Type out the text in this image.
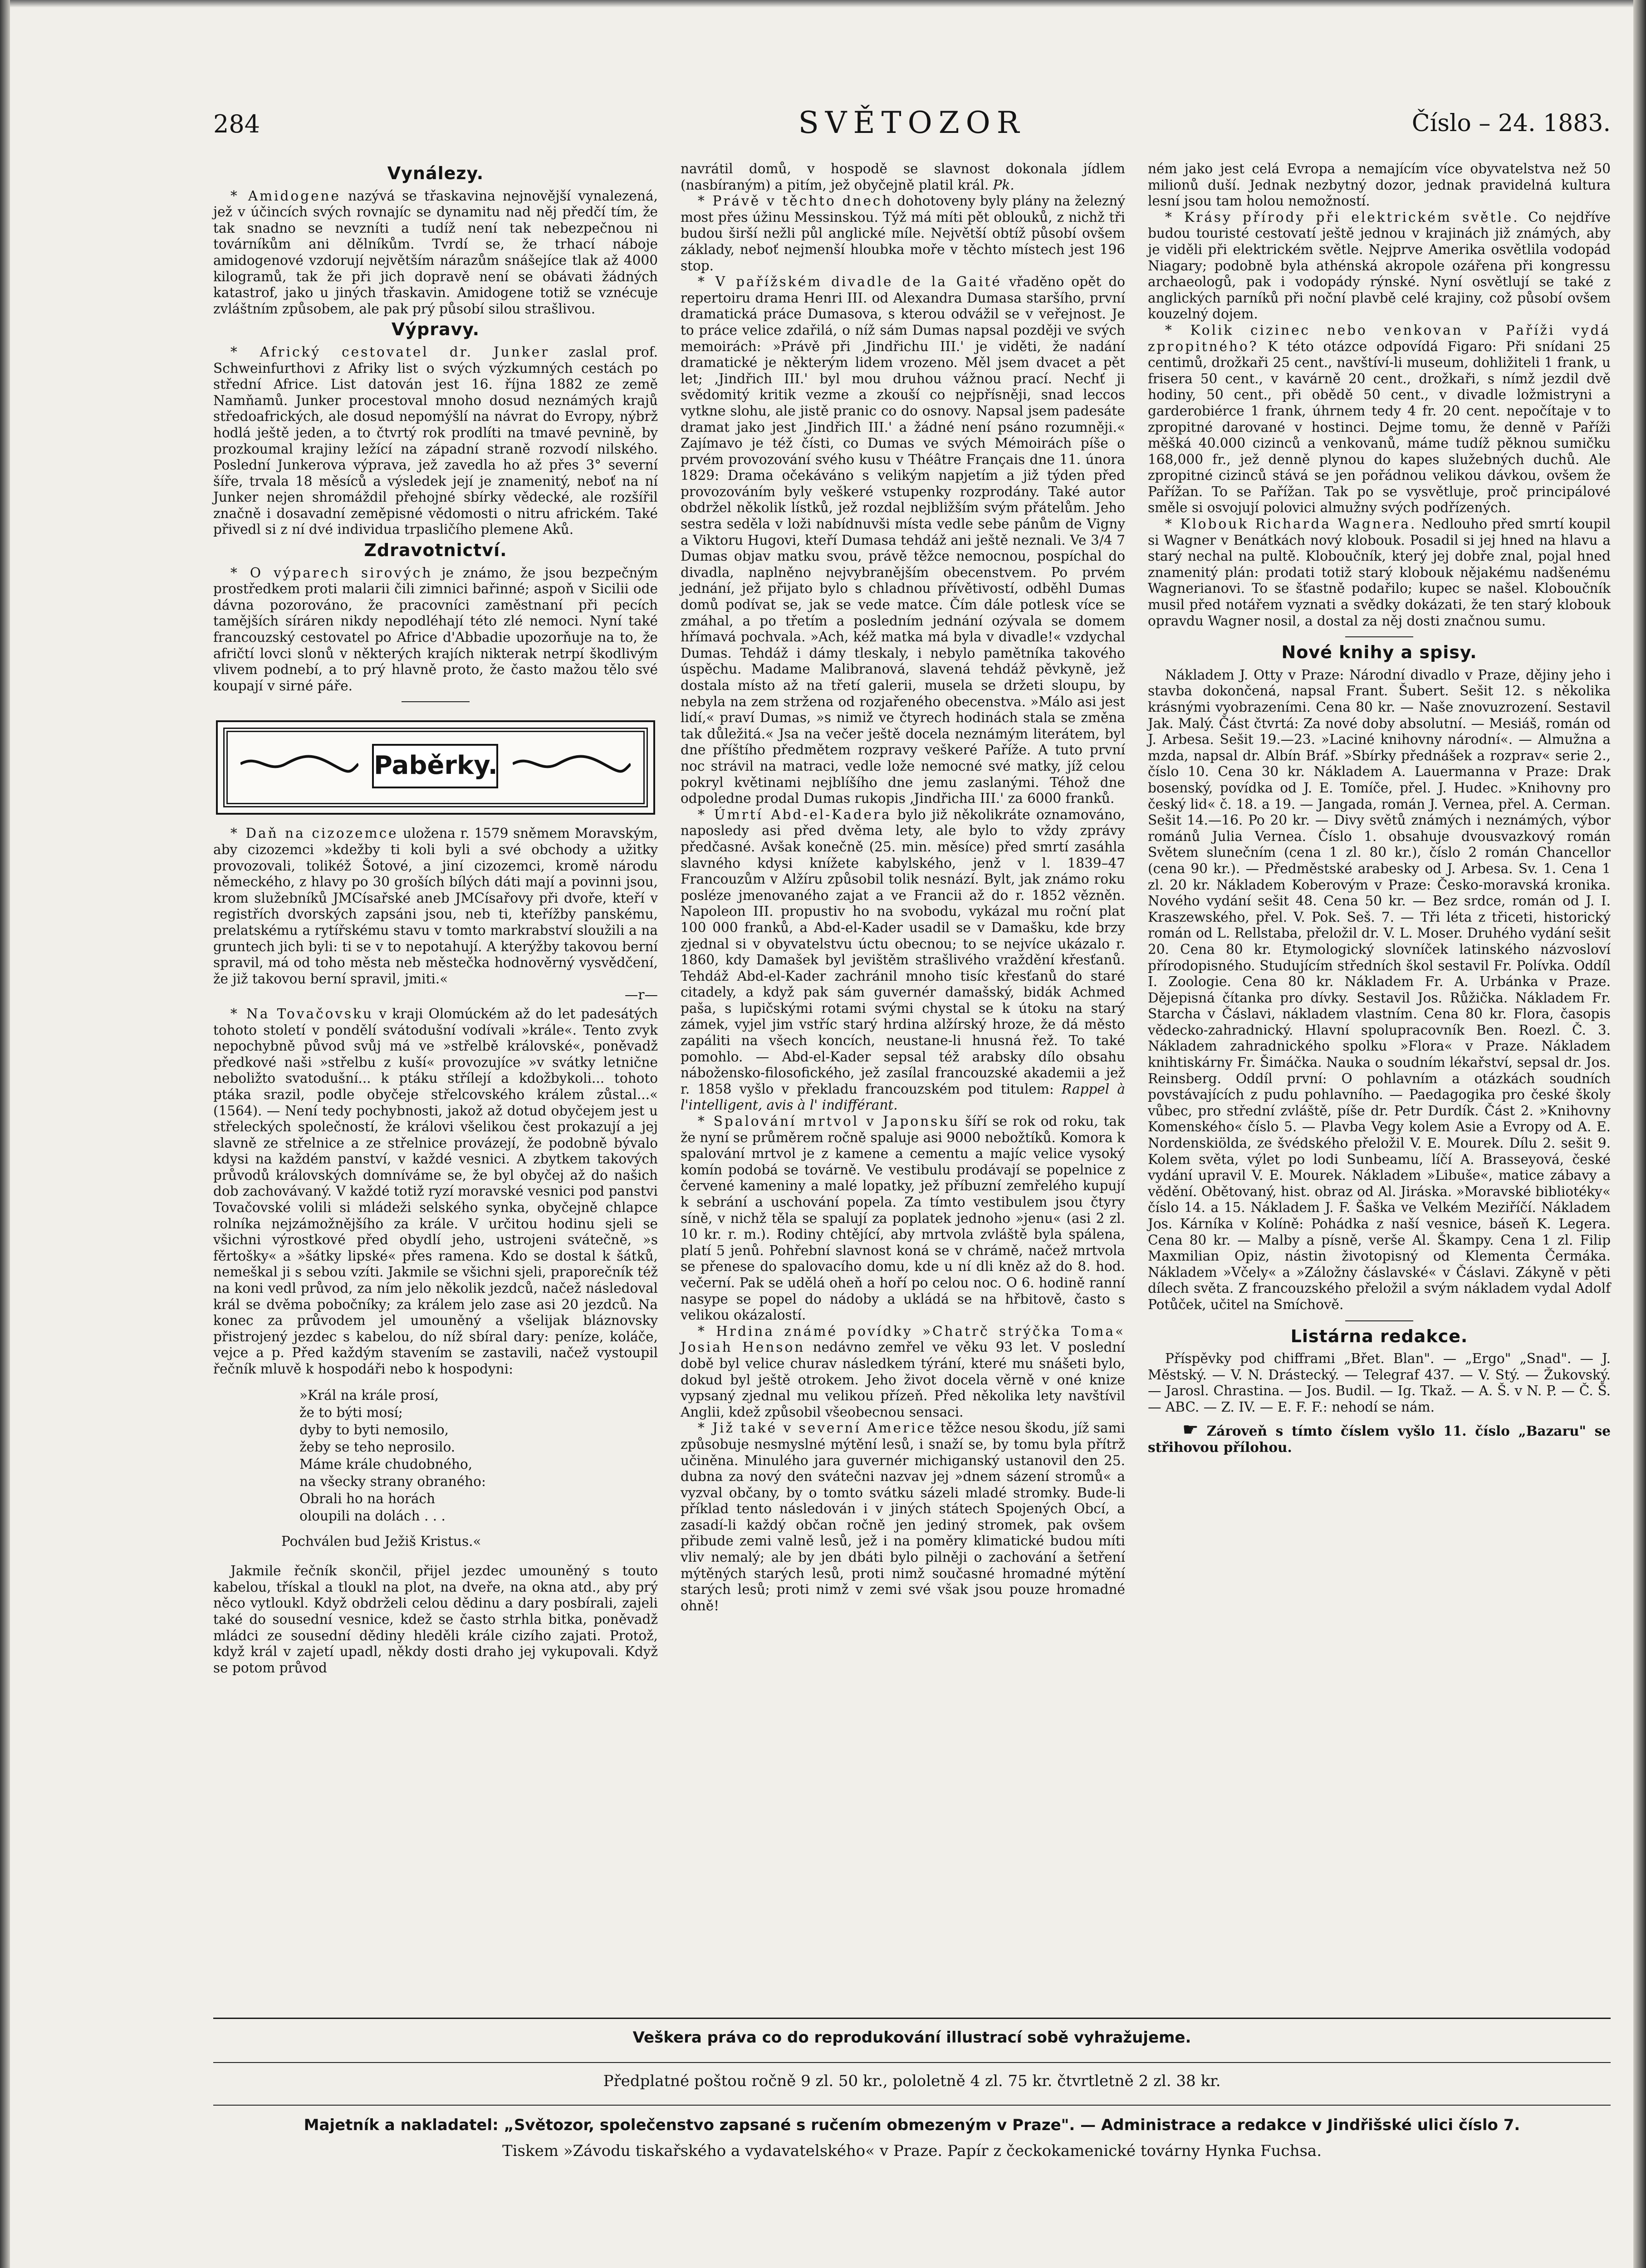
284	SVĚTOZOR	Číslo – 24. 1883.
Vynálezy.

* Amidogene nazývá se třaskavina nejnovější vynalezená, jež v účincích svých rovnajíc se dynamitu nad něj předčí tím, že tak snadno se nevzníti a tudíž není tak nebezpečnou ni továrníkům ani dělníkům. Tvrdí se, že trhací náboje amidogenové vzdorují největším nárazům snášejíce tlak až 4000 kilogramů, tak že při jich dopravě není se obávati žádných katastrof, jako u jiných třaskavin. Amidogene totiž se vznécuje zvláštním způsobem, ale pak prý působí silou strašlivou.

Výpravy.

* Africký cestovatel dr. Junker zaslal prof. Schweinfurthovi z Afriky list o svých výzkumných cestách po střední Africe. List datován jest 16. října 1882 ze země Namňamů. Junker procestoval mnoho dosud neznámých krajů středoafrických, ale dosud nepomýšlí na návrat do Evropy, nýbrž hodlá ještě jeden, a to čtvrtý rok prodlíti na tmavé pevnině, by prozkoumal krajiny ležící na západní straně rozvodí nilského. Poslední Junkerova výprava, jež zavedla ho až přes 3° severní šíře, trvala 18 měsíců a výsledek její je znamenitý, neboť na ní Junker nejen shromáždil přehojné sbírky vědecké, ale rozšířil značně i dosavadní zeměpisné vědomosti o nitru africkém. Také přivedl si z ní dvé individua trpasličího plemene Aků.

Zdravotnictví.

* O výparech sirových je známo, že jsou bezpečným prostředkem proti malarii čili zimnici bařinné; aspoň v Sicilii ode dávna pozorováno, že pracovníci zaměstnaní při pecích tamějších síráren nikdy nepodléhají této zlé nemoci. Nyní také francouzský cestovatel po Africe d'Abbadie upozorňuje na to, že afričtí lovci slonů v některých krajích nikterak netrpí škodlivým vlivem podnebí, a to prý hlavně proto, že často mažou tělo své koupají v sirné páře.

Paběrky.

* Daň na cizozemce uložena r. 1579 sněmem Moravským, aby cizozemci »kdežby ti koli byli a své obchody a užitky provozovali, tolikéž Šotové, a jiní cizozemci, kromě národu německého, z hlavy po 30 groších bílých dáti mají a povinni jsou, krom služebníků JMCísařské aneb JMCísařovy při dvoře, kteří v registřích dvorských zapsáni jsou, neb ti, kteřížby panskému, prelatskému a rytířskému stavu v tomto markrabství sloužili a na gruntech jich byli: ti se v to nepotahují. A kterýžby takovou berní spravil, má od toho města neb městečka hodnověrný vysvědčení, že již takovou berní spravil, jmiti.«

—r—

* Na Tovačovsku v kraji Olomúckém až do let padesátých tohoto století v pondělí svátodušní vodívali »krále«. Tento zvyk nepochybně původ svůj má ve »střelbě královské«, poněvadž předkové naši »střelbu z kuší« provozujíce »v svátky letnične neboližto svatodušní... k ptáku střílejí a kdožbykoli... tohoto ptáka srazil, podle obyčeje střelcovského králem zůstal...« (1564). — Není tedy pochybnosti, jakož až dotud obyčejem jest u střeleckých společností, že královi všelikou čest prokazují a jej slavně ze střelnice a ze střelnice provázejí, že podobně bývalo kdysi na každém panství, v každé vesnici. A zbytkem takových průvodů královských domníváme se, že byl obyčej až do našich dob zachovávaný. V každé totiž ryzí moravské vesnici pod panstvi Tovačovské volili si mládeži selského synka, obyčejně chlapce rolníka nejzámožnějšího za krále. V určitou hodinu sjeli se všichni výrostkové před obydlí jeho, ustrojeni svátečně, »s fěrtošky« a »šátky lipské« přes ramena. Kdo se dostal k šátků, nemeškal ji s sebou vzíti. Jakmile se všichni sjeli, praporečník též na koni vedl průvod, za ním jelo několik jezdců, načež následoval král se dvěma pobočníky; za králem jelo zase asi 20 jezdců. Na konec za průvodem jel umouněný a všelijak bláznovsky přistrojený jezdec s kabelou, do níž sbíral dary: peníze, koláče, vejce a p. Před každým stavením se zastavili, načež vystoupil řečník mluvě k hospodáři nebo k hospodyni:

»Král na krále prosí,
že to býti mosí;
dyby to byti nemosilo,
žeby se teho neprosilo.
Máme krále chudobného,
na všecky strany obraného:
Obrali ho na horách
oloupili na dolách . . .
Pochválen bud Ježiš Kristus.«

Jakmile řečník skončil, přijel jezdec umouněný s touto kabelou, třískal a tloukl na plot, na dveře, na okna atd., aby prý něco vytloukl. Když obdrželi celou dědinu a dary posbírali, zajeli také do sousední vesnice, kdež se často strhla bitka, poněvadž mládci ze sousední dědiny hleděli krále cizího zajati. Protož, když král v zajetí upadl, někdy dosti draho jej vykupovali. Když se potom průvod

navrátil domů, v hospodě se slavnost dokonala jídlem (nasbíraným) a pitím, jež obyčejně platil král. Pk.

* Právě v těchto dnech dohotoveny byly plány na železný most přes úžinu Messinskou. Týž má míti pět oblouků, z nichž tři budou širší nežli půl anglické míle. Největší obtíž působí ovšem základy, neboť nejmenší hloubka moře v těchto místech jest 196 stop.

* V pařížském divadle de la Gaité vřaděno opět do repertoiru drama Henri III. od Alexandra Dumasa staršího, první dramatická práce Dumasova, s kterou odvážil se v veřejnost. Je to práce velice zdařilá, o níž sám Dumas napsal později ve svých memoirách: »Právě při ,Jindřichu III.' je viděti, že nadání dramatické je některým lidem vrozeno. Měl jsem dvacet a pět let; ,Jindřich III.' byl mou druhou vážnou prací. Nechť ji svědomitý kritik vezme a zkouší co nejpřísněji, snad leccos vytkne slohu, ale jistě pranic co do osnovy. Napsal jsem padesáte dramat jako jest ,Jindřich III.' a žádné není psáno rozumněji.« Zajímavo je též čísti, co Dumas ve svých Mémoirách píše o prvém provozování svého kusu v Théâtre Français dne 11. února 1829: Drama očekáváno s velikým napjetím a již týden před provozováním byly veškeré vstupenky rozprodány. Také autor obdržel několik lístků, jež rozdal nejbližším svým přátelům. Jeho sestra sedělа v loži nabídnuvši místa vedle sebe pánům de Vigny a Viktoru Hugovi, kteří Dumasa tehdáž ani ještě neznali. Ve 3/4 7 Dumas objav matku svou, právě těžce nemocnou, pospíchal do divadla, naplněno nejvybranějším obecenstvem. Po prvém jednání, jež přijato bylo s chladnou přívětivostí, odběhl Dumas domů podívat se, jak se vede matce. Čím dále potlesk více se zmáhal, a po třetím a posledním jednání ozývala se domem hřímavá pochvala. »Ach, kéž matka má byla v divadle!« vzdychal Dumas. Tehdáž i dámy tleskaly, i nebylo pamětníka takového úspěchu. Madame Malibranová, slavená tehdáž pěvkyně, jež dostala místo až na třetí galerii, musela se držeti sloupu, by nebyla na zem stržena od rozjařeného obecenstva. »Málo asi jest lidí,« praví Dumas, »s nimiž ve čtyrech hodinách stala se změna tak důležitá.« Jsa na večer ještě docela neznámým literátem, byl dne příštího předmětem rozpravy veškeré Paříže. A tuto první noc strávil na matraci, vedle lože nemocné své matky, jíž celou pokryl květinami nejblíšího dne jemu zaslanými. Téhož dne odpoledne prodal Dumas rukopis ,Jindřicha III.' za 6000 franků.

* Úmrtí Abd-el-Kadera bylo již několikráte oznamováno, naposledy asi před dvěma lety, ale bylo to vždy zprávy předčasné. Avšak konečně (25. min. měsíce) před smrtí zasáhla slavného kdysi knížete kabylského, jenž v l. 1839–47 Francouzům v Alžíru způsobil tolik nesnází. Bylt, jak známo roku posléze jmenovaného zajat a ve Francii až do r. 1852 vězněn. Napoleon III. propustiv ho na svobodu, vykázal mu ročnί plat 100 000 franků, a Abd-el-Kader usadil se v Damašku, kde brzy zjednal si v obyvatelstvu úctu obecnou; to se nejvíce ukázalo r. 1860, kdy Damašek byl jevištěm strašlivého vraždění křesťanů. Tehdáž Abd-el-Kader zachránil mnoho tisíc křesťanů do staré citadely, a když pak sám guvernér damašský, bidák Achmed paša, s lupičskými rotami svými chystal se k útoku na starý zámek, vyjel jim vstříc starý hrdina alžírský hroze, že dá město zapáliti na všech koncích, neustane-li hnusná řež. To také pomohlo. — Abd-el-Kader sepsal též arabsky dílo obsahu nábožensko-filosofického, jež zasílal francouzské akademii a jež r. 1858 vyšlo v překladu francouzském pod titulem: Rappel à l'intelligent, avis à l' indifférant.

* Spalování mrtvol v Japonsku šíří se rok od roku, tak že nyní se průměrem ročně spaluje asi 9000 nebožtíků. Komora k spalování mrtvol je z kamene a cementu a majíc velice vysoký komín podobá se továrně. Ve vestibulu prodávají se popelnice z červené kameniny a malé lopatky, jež příbuzní zemřelého kupují k sebrání a uschování popela. Za tímto vestibulem jsou čtyry síně, v nichž těla se spalují za poplatek jednoho »jenu« (asi 2 zl. 10 kr. r. m.). Rodiny chtějící, aby mrtvola zvláště byla spálena, platí 5 jenů. Pohřební slavnost koná se v chrámě, načež mrtvola se přenese do spalovacího domu, kde u ní dli kněz až do 8. hod. večerní. Pak se udělá oheň a hoří po celou noc. O 6. hodině ranní nasype se popel do nádoby a ukládá se na hřbitově, často s velikou okázalostí.

* Hrdina známé povídky »Chatrč strýčka Toma« Josiah Henson nedávno zemřel ve věku 93 let. V poslední době byl velice churav následkem týrání, které mu snášeti bylo, dokud byl ještě otrokem. Jeho život docela věrně v oné knize vypsaný zjednal mu velikou přízeň. Před několika lety navštívil Anglii, kdež způsobil všeobecnou sensaci.

* Již také v severní Americe těžce nesou škodu, jíž sami způsobuje nesmyslné mýtění lesů, i snaží se, by tomu byla přítrž učiněna. Minulého jara guvernér michiganský ustanovil den 25. dubna za nový den svátečni nazvav jej »dnem sázení stromů« a vyzval občany, by o tomto svátku sázeli mladé stromky. Bude-li příklad tento následován i v jiných státech Spojených Obcí, a zasadí-li každý občan ročně jen jediný stromek, pak ovšem přibude zemi valně lesů, jež i na poměry klimatické budou míti vliv nemalý; ale by jen dbáti bylo pilněji o zachování a šetření mýtěných starých lesů, proti nimž současné hromadné mýtění starých lesů; proti nimž v zemi své však jsou pouze hromadné ohně!

ném jako jest celá Evropa a nemajícím více obyvatelstva než 50 milionů duší. Jednak nezbytný dozor, jednak pravidelná kultura lesní jsou tam holou nemožností.

* Krásy přírody při elektrickém světle. Co nejdříve budou touristé cestovatí ještě jednou v krajinách již známých, aby je viděli při elektrickém světle. Nejprve Amerika osvětlila vodopád Niagary; podobně byla athénská akropole ozářena při kongressu archaeologů, pak i vodopády rýnské. Nyní osvětlují se také z anglických parníků při noční plavbě celé krajiny, což působí ovšem kouzelný dojem.

* Kolik cizinec nebo venkovan v Paříži vydá zpropitného? K této otázce odpovídá Figaro: Při snídani 25 centimů, drožkaři 25 cent., navštíví-li museum, dohližiteli 1 frank, u frisera 50 cent., v kavárně 20 cent., drožkaři, s nímž jezdil dvě hodiny, 50 cent., při obědě 50 cent., v divadle ložmistryni a garderobiérce 1 frank, úhrnem tedy 4 fr. 20 cent. nepočítaje v to zpropitné darované v hostinci. Dejme tomu, že denně v Paříži měšká 40.000 cizinců a venkovanů, máme tudíž pěknou sumičku 168,000 fr., jež denně plynou do kapes služebných duchů. Ale zpropitné cizinců stává se jen pořádnou velikou dávkou, ovšem že Pařížan. To se Pařížan. Tak po se vysvětluje, proč principálové směle si osvojují polovici almužny svých podřízených.

* Klobouk Richarda Wagnera. Nedlouho před smrtí koupil si Wagner v Benátkách nový klobouk. Posadil si jej hned na hlavu a starý nechal na pultě. Kloboučník, který jej dobře znal, pojal hned znamenitý plán: prodati totiž starý klobouk nějakému nadšenému Wagnerianovi. To se šťastně podařilo; kupec se našel. Kloboučník musil před notářem vyznati a svědky dokázati, že ten starý klobouk opravdu Wagner nosil, a dostal za něj dosti značnou sumu.

Nové knihy a spisy.

Nákladem J. Otty v Praze: Národní divadlo v Praze, dějiny jeho i stavba dokončená, napsal Frant. Šubert. Sešit 12. s několika krásnými vyobrazeními. Cena 80 kr. — Naše znovuzrození. Sestavil Jak. Malý. Část čtvrtá: Za nové doby absolutní. — Mesiáš, román od J. Arbesa. Sešit 19.—23. »Laciné knihovny národní«. — Almužna a mzda, napsal dr. Albín Bráf. »Sbírky přednášek a rozprav« serie 2., číslo 10. Cena 30 kr. Nákladem A. Lauermanna v Praze: Drak bosenský, povídka od J. E. Tomíče, přel. J. Hudec. »Knihovny pro český lid« č. 18. a 19. — Jangada, román J. Vernea, přel. A. Cerman. Sešit 14.—16. Po 20 kr. — Divy světů známých i neznámých, výbor románů Julia Vernea. Číslo 1. obsahuje dvousvazkový román Světem slunečním (cena 1 zl. 80 kr.), číslo 2 román Chancellor (cena 90 kr.). — Předměstské arabesky od J. Arbesa. Sv. 1. Cena 1 zl. 20 kr. Nákladem Koberovým v Praze: Česko-moravská kronika. Nového vydání sešit 48. Cena 50 kr. — Bez srdce, román od J. I. Kraszewského, přel. V. Pok. Seš. 7. — Tři léta z třiceti, historický román od L. Rellstaba, přeložil dr. V. L. Moser. Druhého vydání sešit 20. Cena 80 kr. Etymologický slovníček latinského názvosloví přírodopisného. Studujícím středních škol sestavil Fr. Polívka. Oddíl I. Zoologie. Cena 80 kr. Nákladem Fr. A. Urbánka v Praze. Dějepisná čítanka pro dívky. Sestavil Jos. Růžička. Nákladem Fr. Starcha v Čáslavi, nákladem vlastním. Cena 80 kr. Flora, časopis vědecko-zahradnický. Hlavní spolupracovník Ben. Roezl. Č. 3. Nákladem zahradnického spolku »Flora« v Praze. Nákladem knihtiskárny Fr. Šimáčka. Nauka o soudním lékařství, sepsal dr. Jos. Reinsberg. Oddíl první: O pohlavním a otázkách soudních povstávajících z pudu pohlavního. — Paedagogika pro české školy vůbec, pro střední zvláště, píše dr. Petr Durdík. Část 2. »Knihovny Komenského« číslo 5. — Plavba Vegy kolem Asie a Evropy od A. E. Nordenskiölda, ze švédského přeložil V. E. Mourek. Dílu 2. sešit 9. Kolem světa, výlet po lodi Sunbeamu, líčí A. Brasseyová, české vydání upravil V. E. Mourek. Nákladem »Libuše«, matice zábavy a vědění. Obětovaný, hist. obraz od Al. Jiráska. »Moravské bibliotéky« číslo 14. a 15. Nákladem J. F. Šaška ve Velkém Meziříčí. Nákladem Jos. Kárníka v Kolíně: Pohádka z naší vesnice, báseň K. Legera. Cena 80 kr. — Malby a písně, verše Al. Škampy. Cena 1 zl. Filip Maxmilian Opiz, nástin životopisný od Klementa Čermáka. Nákladem »Včely« a »Záložny čáslavské« v Čáslavi. Zákyně v pěti dílech světa. Z francouzského přeložil a svým nákladem vydal Adolf Potůček, učitel na Smíchově.

Listárna redakce.

Příspěvky pod chifframi „Břet. Blan". — „Ergo" „Snad". — J. Městský. — V. N. Drástecký. — Telegraf 437. — V. Stý. — Žukovský. — Jarosl. Chrastina. — Jos. Budil. — Ig. Tkaž. — A. Š. v N. P. — Č. Š. — ABC. — Z. IV. — E. F. F.: nehodí se nám.

☛ Zároveň s tímto číslem vyšlo 11. číslo „Bazaru" se střihovou přílohou.

Veškera práva co do reprodukování illustrací sobě vyhražujeme.
Předplatné poštou ročně 9 zl. 50 kr., pololetně 4 zl. 75 kr. čtvrtletně 2 zl. 38 kr.
Majetník a nakladatel: „Světozor, společenstvo zapsané s ručením obmezeným v Praze". — Administrace a redakce v Jindřišské ulici číslo 7.
Tiskem »Závodu tiskařského a vydavatelského« v Praze. Papír z čeckokamenické továrny Hynka Fuchsa.
